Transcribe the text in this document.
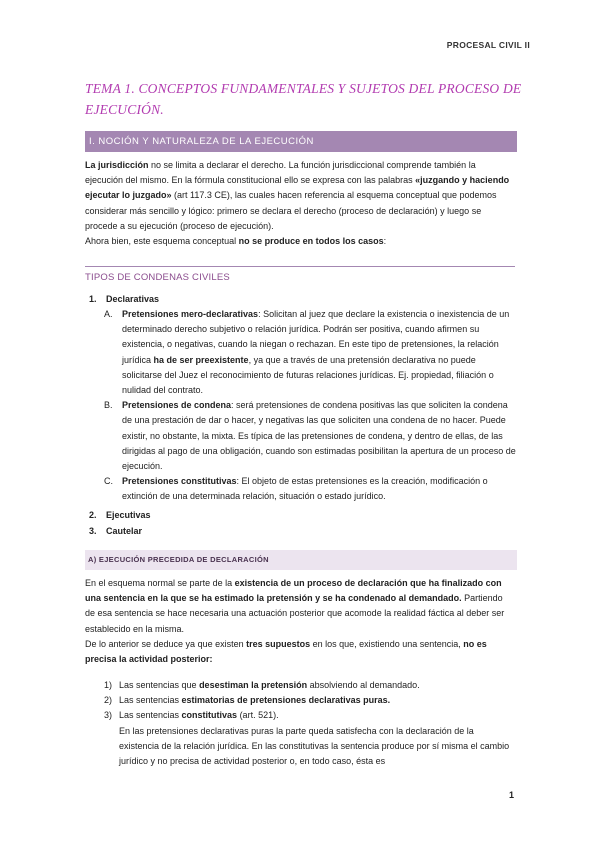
PROCESAL CIVIL II
TEMA 1. CONCEPTOS FUNDAMENTALES Y SUJETOS DEL PROCESO DE EJECUCIÓN.
I. NOCIÓN Y NATURALEZA DE LA EJECUCIÓN

La jurisdicción no se limita a declarar el derecho. La función jurisdiccional comprende también la ejecución del mismo. En la fórmula constitucional ello se expresa con las palabras «juzgando y haciendo ejecutar lo juzgado» (art 117.3 CE), las cuales hacen referencia al esquema conceptual que podemos considerar más sencillo y lógico: primero se declara el derecho (proceso de declaración) y luego se procede a su ejecución (proceso de ejecución).

Ahora bien, este esquema conceptual no se produce en todos los casos:

TIPOS DE CONDENAS CIVILES
1. Declarativas
A. Pretensiones mero-declarativas: Solicitan al juez que declare la existencia o inexistencia de un determinado derecho subjetivo o relación jurídica. Podrán ser positiva, cuando afirmen su existencia, o negativas, cuando la niegan o rechazan. En este tipo de pretensiones, la relación jurídica ha de ser preexistente, ya que a través de una pretensión declarativa no puede solicitarse del Juez el reconocimiento de futuras relaciones jurídicas. Ej. propiedad, filiación o nulidad del contrato.
B. Pretensiones de condena: será pretensiones de condena positivas las que soliciten la condena de una prestación de dar o hacer, y negativas las que soliciten una condena de no hacer. Puede existir, no obstante, la mixta. Es típica de las pretensiones de condena, y dentro de ellas, de las dirigidas al pago de una obligación, cuando son estimadas posibilitan la apertura de un proceso de ejecución.
C. Pretensiones constitutivas: El objeto de estas pretensiones es la creación, modificación o extinción de una determinada relación, situación o estado jurídico.
2. Ejecutivas
3. Cautelar
A) EJECUCIÓN PRECEDIDA DE DECLARACIÓN

En el esquema normal se parte de la existencia de un proceso de declaración que ha finalizado con una sentencia en la que se ha estimado la pretensión y se ha condenado al demandado. Partiendo de esa sentencia se hace necesaria una actuación posterior que acomode la realidad fáctica al deber ser establecido en la misma.

De lo anterior se deduce ya que existen tres supuestos en los que, existiendo una sentencia, no es precisa la actividad posterior:

1) Las sentencias que desestiman la pretensión absolviendo al demandado.
2) Las sentencias estimatorias de pretensiones declarativas puras.
3) Las sentencias constitutivas (art. 521).
En las pretensiones declarativas puras la parte queda satisfecha con la declaración de la existencia de la relación jurídica. En las constitutivas la sentencia produce por sí misma el cambio jurídico y no precisa de actividad posterior o, en todo caso, ésta es
1
